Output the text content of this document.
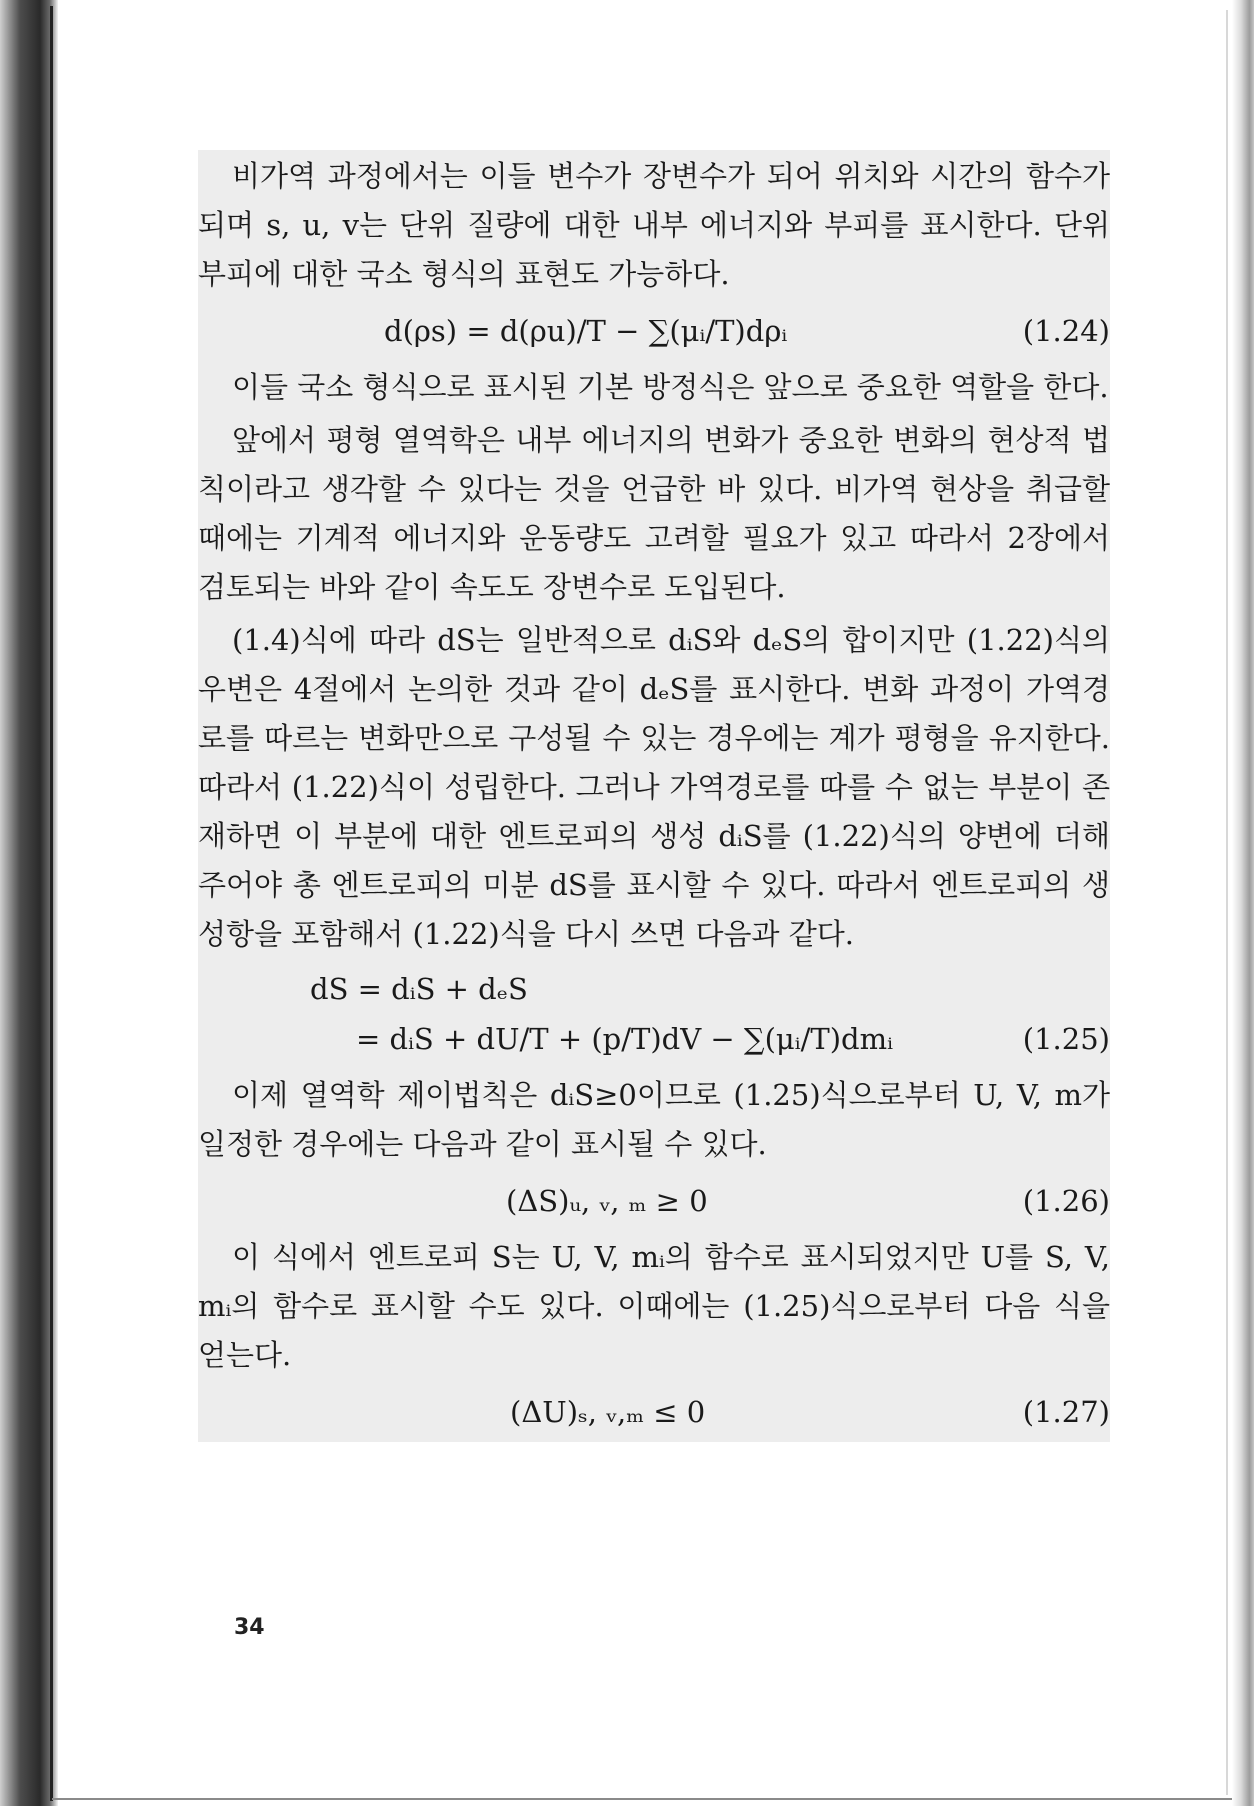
비가역 과정에서는 이들 변수가 장변수가 되어 위치와 시간의 함수가 되며 s, u, v는 단위 질량에 대한 내부 에너지와 부피를 표시한다. 단위 부피에 대한 국소 형식의 표현도 가능하다.

d(ρs) = d(ρu)/T − ∑(μᵢ/T)dρᵢ	(1.24)

이들 국소 형식으로 표시된 기본 방정식은 앞으로 중요한 역할을 한다.

앞에서 평형 열역학은 내부 에너지의 변화가 중요한 변화의 현상적 법칙이라고 생각할 수 있다는 것을 언급한 바 있다. 비가역 현상을 취급할 때에는 기계적 에너지와 운동량도 고려할 필요가 있고 따라서 2장에서 검토되는 바와 같이 속도도 장변수로 도입된다.

(1.4)식에 따라 dS는 일반적으로 dᵢS와 dₑS의 합이지만 (1.22)식의 우변은 4절에서 논의한 것과 같이 dₑS를 표시한다. 변화 과정이 가역경로를 따르는 변화만으로 구성될 수 있는 경우에는 계가 평형을 유지한다. 따라서 (1.22)식이 성립한다. 그러나 가역경로를 따를 수 없는 부분이 존재하면 이 부분에 대한 엔트로피의 생성 dᵢS를 (1.22)식의 양변에 더해 주어야 총 엔트로피의 미분 dS를 표시할 수 있다. 따라서 엔트로피의 생성항을 포함해서 (1.22)식을 다시 쓰면 다음과 같다.

dS = dᵢS + dₑS
= dᵢS + dU/T + (p/T)dV − ∑(μᵢ/T)dmᵢ	(1.25)

이제 열역학 제이법칙은 dᵢS≥0이므로 (1.25)식으로부터 U, V, m가 일정한 경우에는 다음과 같이 표시될 수 있다.

(ΔS)ᵤ, ᵥ, ₘ ≥ 0	(1.26)

이 식에서 엔트로피 S는 U, V, mᵢ의 함수로 표시되었지만 U를 S, V, mᵢ의 함수로 표시할 수도 있다. 이때에는 (1.25)식으로부터 다음 식을 얻는다.

(ΔU)ₛ, ᵥ,ₘ ≤ 0	(1.27)
34
